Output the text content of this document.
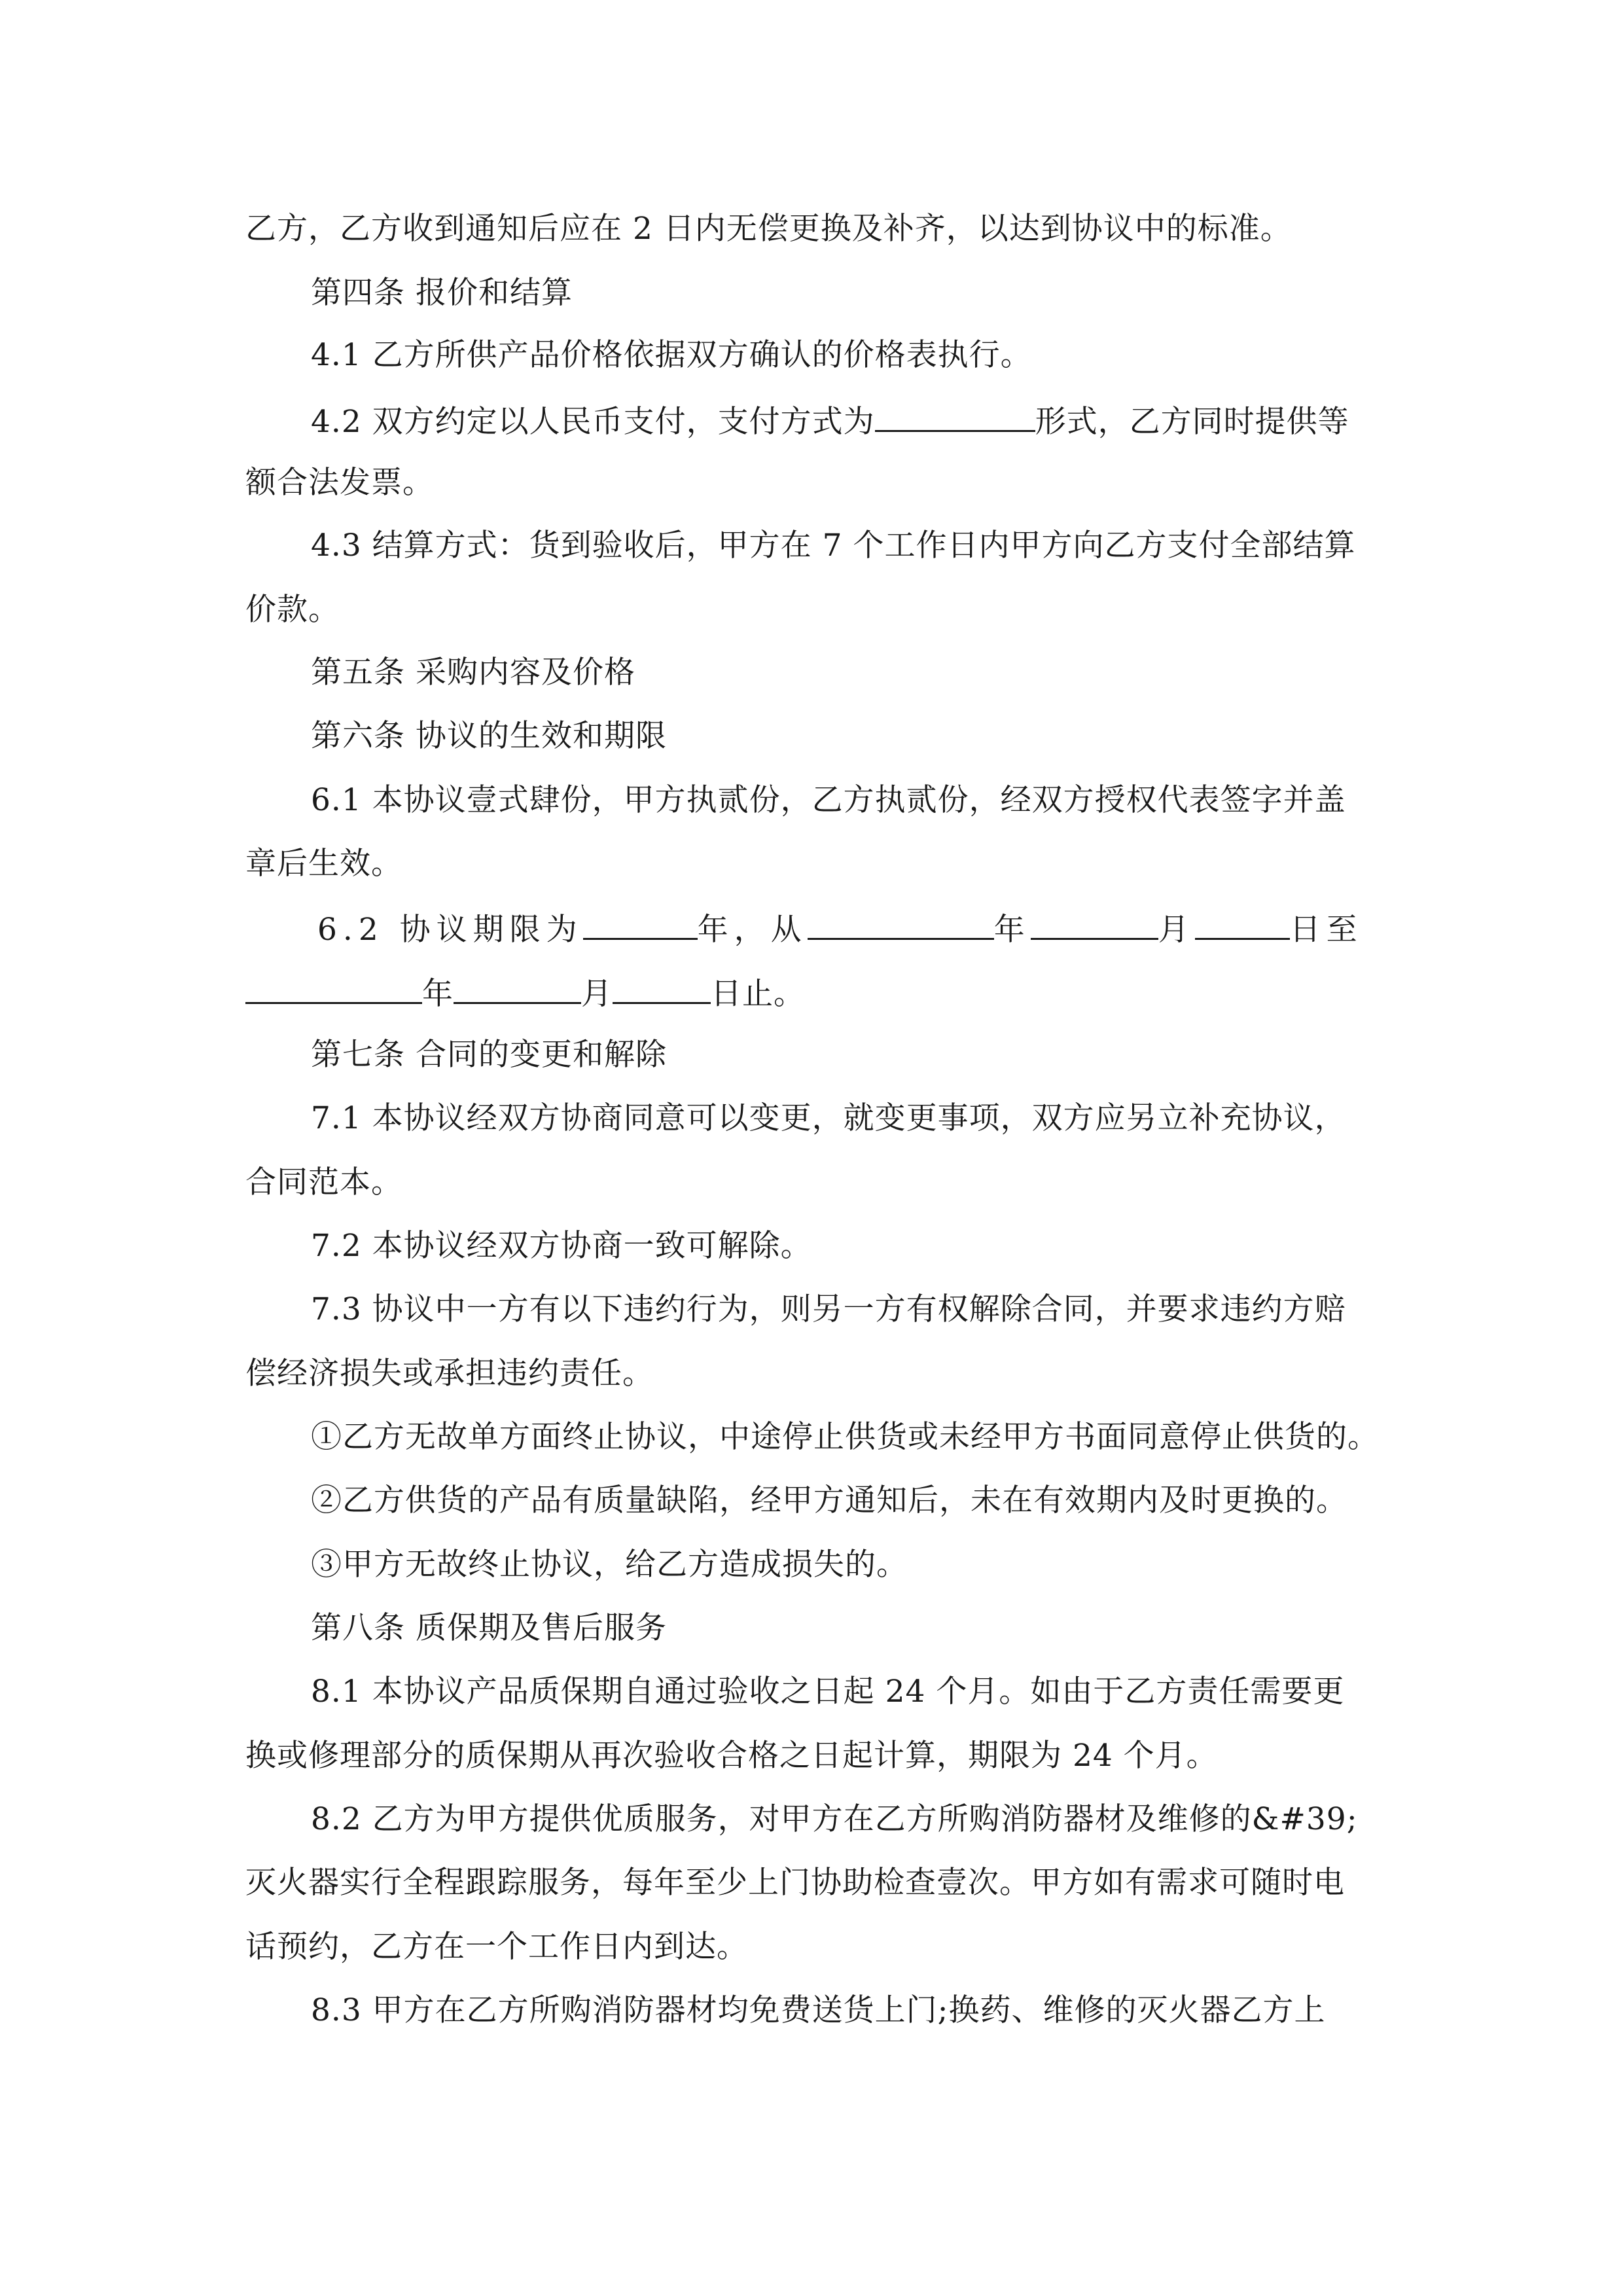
乙方，乙方收到通知后应在 2 日内无偿更换及补齐，以达到协议中的标准。
第四条 报价和结算
4.1 乙方所供产品价格依据双方确认的价格表执行。
4.2 双方约定以人民币支付，支付方式为	形式，乙方同时提供等
额合法发票。
4.3 结算方式：货到验收后，甲方在 7 个工作日内甲方向乙方支付全部结算
价款。
第五条 采购内容及价格
第六条 协议的生效和期限
6.1 本协议壹式肆份，甲方执贰份，乙方执贰份，经双方授权代表签字并盖
章后生效。
6.2 协议期限为	年，从	年	月	日至
年	月	日止。
第七条 合同的变更和解除
7.1 本协议经双方协商同意可以变更，就变更事项，双方应另立补充协议，
合同范本。
7.2 本协议经双方协商一致可解除。
7.3 协议中一方有以下违约行为，则另一方有权解除合同，并要求违约方赔
偿经济损失或承担违约责任。
①乙方无故单方面终止协议，中途停止供货或未经甲方书面同意停止供货的。
②乙方供货的产品有质量缺陷，经甲方通知后，未在有效期内及时更换的。
③甲方无故终止协议，给乙方造成损失的。
第八条 质保期及售后服务
8.1 本协议产品质保期自通过验收之日起 24 个月。如由于乙方责任需要更
换或修理部分的质保期从再次验收合格之日起计算，期限为 24 个月。
8.2 乙方为甲方提供优质服务，对甲方在乙方所购消防器材及维修的&#39;
灭火器实行全程跟踪服务，每年至少上门协助检查壹次。甲方如有需求可随时电
话预约，乙方在一个工作日内到达。
8.3 甲方在乙方所购消防器材均免费送货上门;换药、维修的灭火器乙方上
